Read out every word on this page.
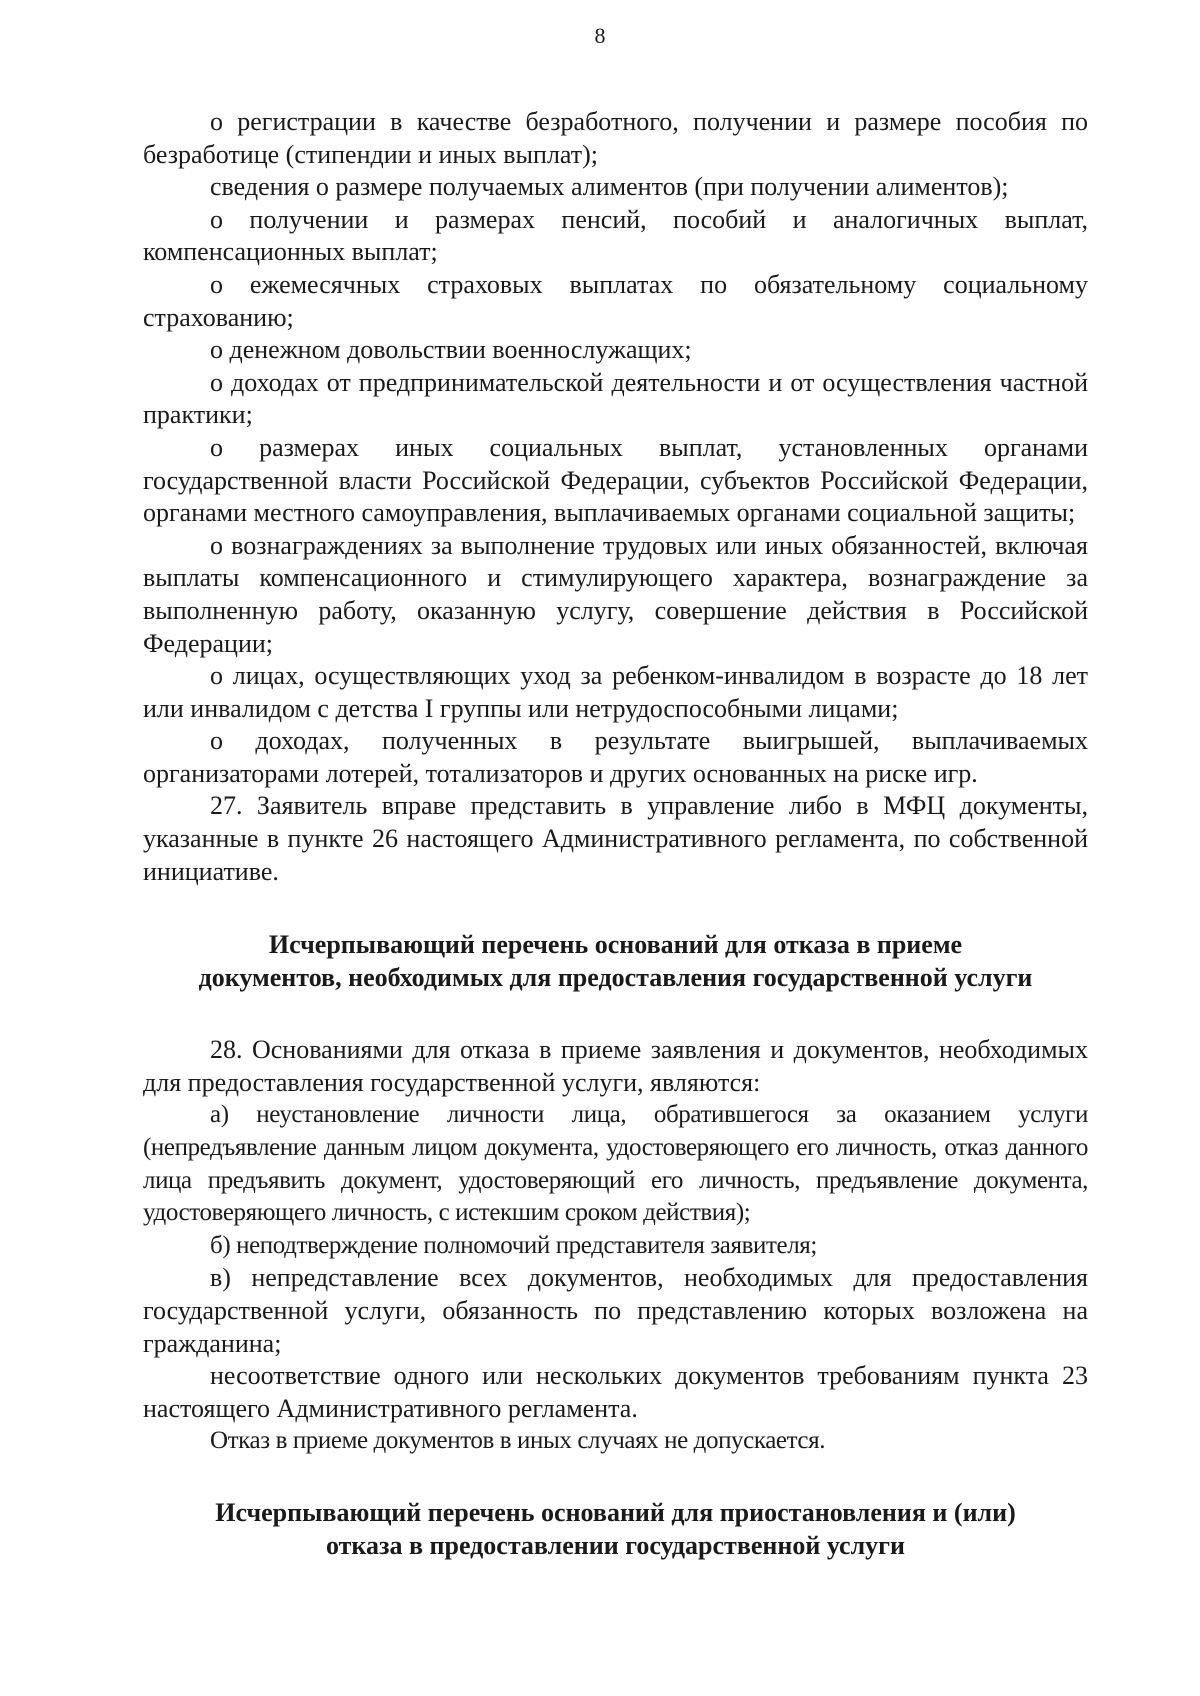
8

о регистрации в качестве безработного, получении и размере пособия по безработице (стипендии и иных выплат);

сведения о размере получаемых алиментов (при получении алиментов);

о получении и размерах пенсий, пособий и аналогичных выплат, компенсационных выплат;

о ежемесячных страховых выплатах по обязательному социальному страхованию;

о денежном довольствии военнослужащих;

о доходах от предпринимательской деятельности и от осуществления частной практики;

о размерах иных социальных выплат, установленных органами государственной власти Российской Федерации, субъектов Российской Федерации, органами местного самоуправления, выплачиваемых органами социальной защиты;

о вознаграждениях за выполнение трудовых или иных обязанностей, включая выплаты компенсационного и стимулирующего характера, вознаграждение за выполненную работу, оказанную услугу, совершение действия в Российской Федерации;

о лицах, осуществляющих уход за ребенком-инвалидом в возрасте до 18 лет или инвалидом с детства I группы или нетрудоспособными лицами;

о доходах, полученных в результате выигрышей, выплачиваемых организаторами лотерей, тотализаторов и других основанных на риске игр.

27. Заявитель вправе представить в управление либо в МФЦ документы, указанные в пункте 26 настоящего Административного регламента, по собственной инициативе.

Исчерпывающий перечень оснований для отказа в приеме

документов, необходимых для предоставления государственной услуги

28. Основаниями для отказа в приеме заявления и документов, необходимых для предоставления государственной услуги, являются:

а) неустановление личности лица, обратившегося за оказанием услуги (непредъявление данным лицом документа, удостоверяющего его личность, отказ данного лица предъявить документ, удостоверяющий его личность, предъявление документа, удостоверяющего личность, с истекшим сроком действия);

б) неподтверждение полномочий представителя заявителя;

в) непредставление всех документов, необходимых для предоставления государственной услуги, обязанность по представлению которых возложена на гражданина;

несоответствие одного или нескольких документов требованиям пункта 23 настоящего Административного регламента.

Отказ в приеме документов в иных случаях не допускается.

Исчерпывающий перечень оснований для приостановления и (или)

отказа в предоставлении государственной услуги
